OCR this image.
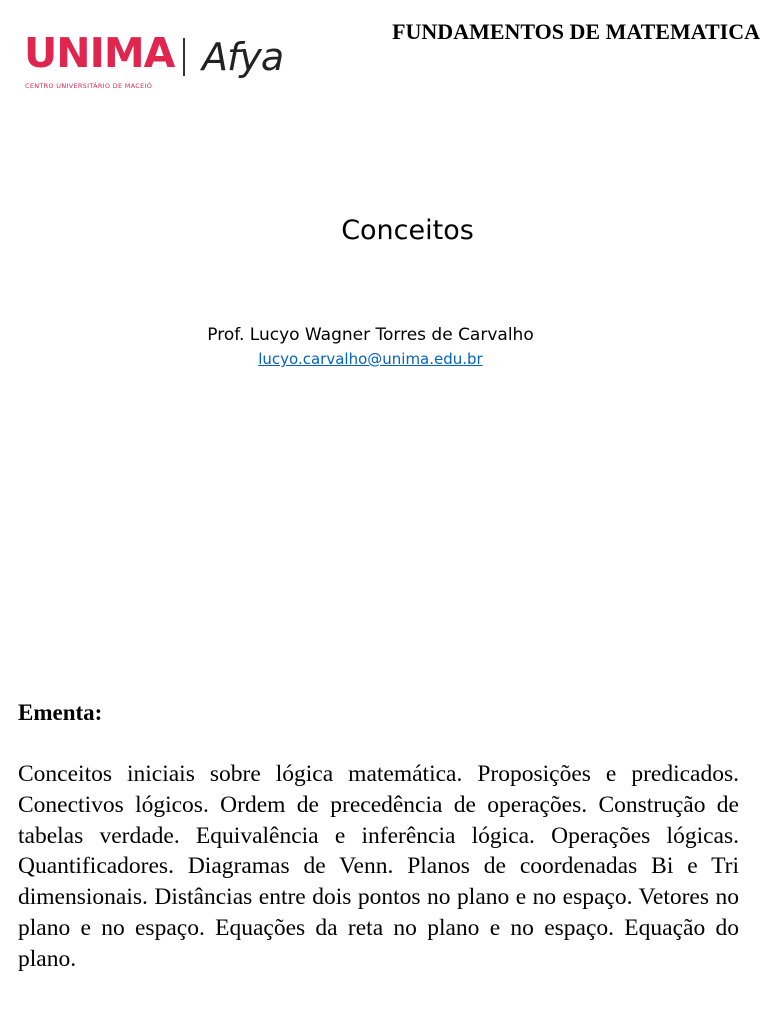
UNIMA
CENTRO UNIVERSITÁRIO DE MACEIÓ
Afya
FUNDAMENTOS DE MATEMATICA
Conceitos
Prof. Lucyo Wagner Torres de Carvalho
lucyo.carvalho@unima.edu.br
Ementa:

Conceitos iniciais sobre lógica matemática. Proposições e predicados. Conectivos lógicos. Ordem de precedência de operações. Construção de tabelas verdade. Equivalência e inferência lógica. Operações lógicas. Quantificadores. Diagramas de Venn. Planos de coordenadas Bi e Tri dimensionais. Distâncias entre dois pontos no plano e no espaço. Vetores no plano e no espaço. Equações da reta no plano e no espaço. Equação do plano.
